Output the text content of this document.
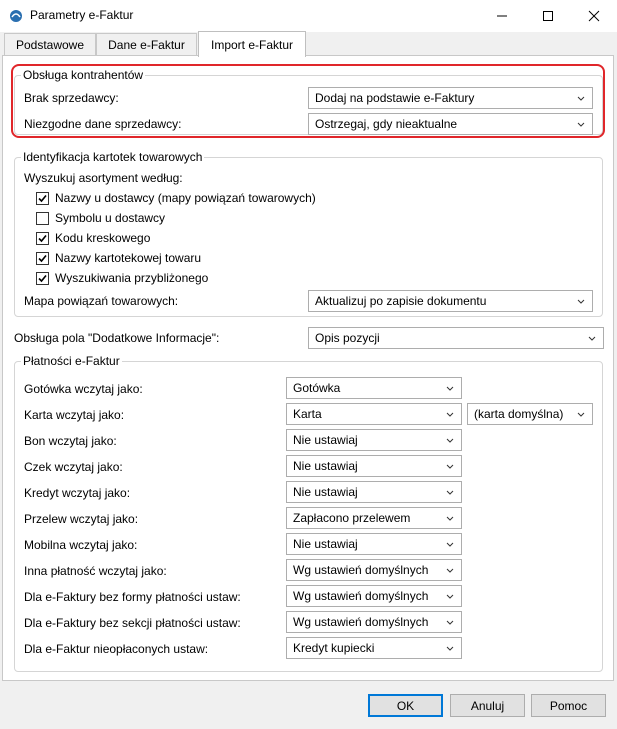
Parametry e-Faktur
Podstawowe	Dane e-Faktur	Import e-Faktur
Obsługa kontrahentów
Brak sprzedawcy:	Dodaj na podstawie e-Faktury
Niezgodne dane sprzedawcy:	Ostrzegaj, gdy nieaktualne
Identyfikacja kartotek towarowych
Wyszukuj asortyment według:
Nazwy u dostawcy (mapy powiązań towarowych)
Symbolu u dostawcy
Kodu kreskowego
Nazwy kartotekowej towaru
Wyszukiwania przybliżonego
Mapa powiązań towarowych:	Aktualizuj po zapisie dokumentu
Obsługa pola "Dodatkowe Informacje":	Opis pozycji
Płatności e-Faktur
Gotówka wczytaj jako:	Gotówka
Karta wczytaj jako:	Karta	(karta domyślna)
Bon wczytaj jako:	Nie ustawiaj
Czek wczytaj jako:	Nie ustawiaj
Kredyt wczytaj jako:	Nie ustawiaj
Przelew wczytaj jako:	Zapłacono przelewem
Mobilna wczytaj jako:	Nie ustawiaj
Inna płatność wczytaj jako:	Wg ustawień domyślnych
Dla e-Faktury bez formy płatności ustaw:	Wg ustawień domyślnych
Dla e-Faktury bez sekcji płatności ustaw:	Wg ustawień domyślnych
Dla e-Faktur nieopłaconych ustaw:	Kredyt kupiecki
OK	Anuluj	Pomoc
